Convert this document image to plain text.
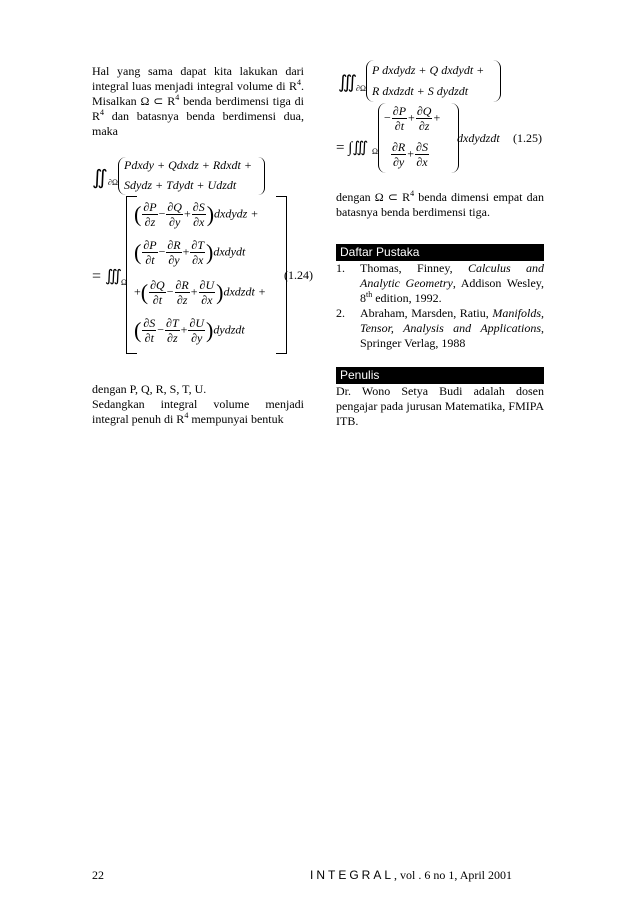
Hal yang sama dapat kita lakukan dari integral luas menjadi integral volume di $R^4$. Misalkan Ω ⊂ $R^4$ benda berdimensi tiga di $R^4$ dan batasnya benda berdimensi dua, maka

∬ ∂Ω
Pdxdy + Qdxdz + Rdxdt +
Sdydz + Tdydt + Udzdt
= ∭ Ω
( $\frac{\partial P}{\partial z} - \frac{\partial Q}{\partial y} + \frac{\partial S}{\partial x}$ )dxdydz +
( $\frac{\partial P}{\partial t} - \frac{\partial R}{\partial y} + \frac{\partial T}{\partial x}$ )dxdydt
+( $\frac{\partial Q}{\partial t} - \frac{\partial R}{\partial z} + \frac{\partial U}{\partial x}$ )dxdzdt +
( $\frac{\partial S}{\partial t} - \frac{\partial T}{\partial z} + \frac{\partial U}{\partial y}$ )dydzdt
(1.24)

dengan P, Q, R, S, T, U.

Sedangkan integral volume menjadi integral penuh di $R^4$ mempunyai bentuk

∭
∂Ω
P dxdydz + Q dxdydt +
R dxdzdt + S dydzdt
= ∫∭ Ω
− $\frac{\partial P}{\partial t} + \frac{\partial Q}{\partial z}$ +
$\frac{\partial R}{\partial y} + \frac{\partial S}{\partial x}$
dxdydzdt (1.25)

dengan Ω ⊂ $R^4$ benda dimensi empat dan batasnya benda berdimensi tiga.

Daftar Pustaka
1.	Thomas, Finney, Calculus and Analytic Geometry, Addison Wesley, 8th edition, 1992.
2.	Abraham, Marsden, Ratiu, Manifolds, Tensor, Analysis and Applications, Springer Verlag, 1988
Penulis

Dr. Wono Setya Budi adalah dosen pengajar pada jurusan Matematika, FMIPA ITB.

22	INTEGRAL, vol . 6 no 1, April 2001
